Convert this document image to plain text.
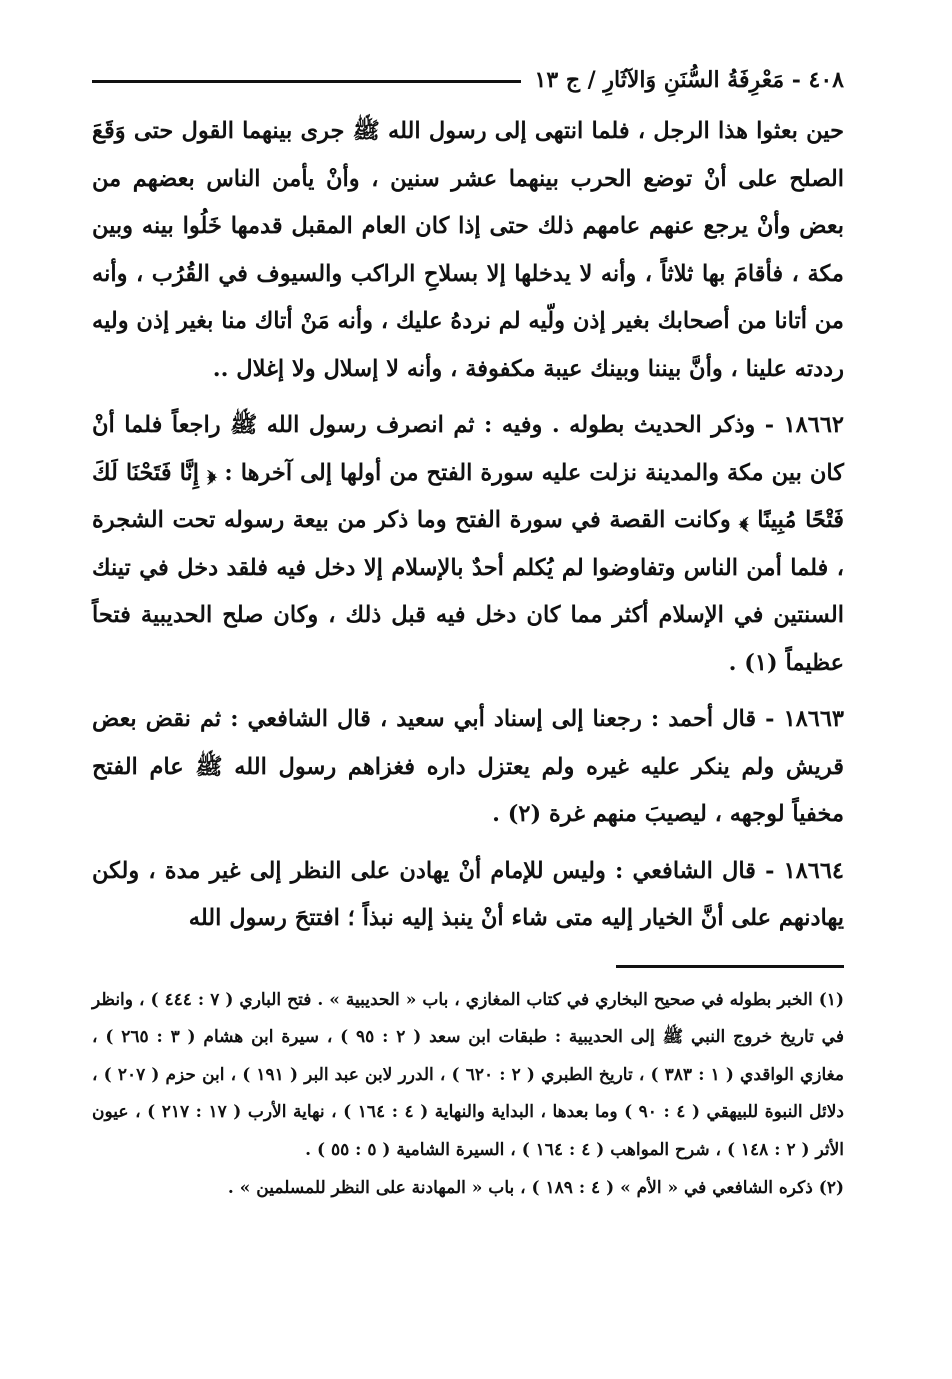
٤٠٨ - مَعْرِفَةُ السُّنَنِ وَالآثَارِ / ج ١٣

حين بعثوا هذا الرجل ، فلما انتهى إلى رسول الله ﷺ جرى بينهما القول حتى وَقَعَ الصلح على أنْ توضع الحرب بينهما عشر سنين ، وأنْ يأمن الناس بعضهم من بعض وأنْ يرجع عنهم عامهم ذلك حتى إذا كان العام المقبل قدمها خَلُوا بينه وبين مكة ، فأقامَ بها ثلاثاً ، وأنه لا يدخلها إلا بسلاحِ الراكب والسيوف في القُرُب ، وأنه من أتانا من أصحابك بغير إذن ولّيه لم نردهُ عليك ، وأنه مَنْ أتاك منا بغير إذن وليه رددته علينا ، وأنَّ بيننا وبينك عيبة مكفوفة ، وأنه لا إسلال ولا إغلال ..

١٨٦٦٢ - وذكر الحديث بطوله . وفيه : ثم انصرف رسول الله ﷺ راجعاً فلما أنْ كان بين مكة والمدينة نزلت عليه سورة الفتح من أولها إلى آخرها : ﴿ إِنَّا فَتَحْنَا لَكَ فَتْحًا مُبِينًا ﴾ وكانت القصة في سورة الفتح وما ذكر من بيعة رسوله تحت الشجرة ، فلما أمن الناس وتفاوضوا لم يُكلم أحدٌ بالإسلام إلا دخل فيه فلقد دخل في تينك السنتين في الإسلام أكثر مما كان دخل فيه قبل ذلك ، وكان صلح الحديبية فتحاً عظيماً (١) .

١٨٦٦٣ - قال أحمد : رجعنا إلى إسناد أبي سعيد ، قال الشافعي : ثم نقض بعض قريش ولم ينكر عليه غيره ولم يعتزل داره فغزاهم رسول الله ﷺ عام الفتح مخفياً لوجهه ، ليصيبَ منهم غرة (٢) .

١٨٦٦٤ - قال الشافعي : وليس للإمام أنْ يهادن على النظر إلى غير مدة ، ولكن يهادنهم على أنَّ الخيار إليه متى شاء أنْ ينبذ إليه نبذاً ؛ افتتحَ رسول الله

(١) الخبر بطوله في صحيح البخاري في كتاب المغازي ، باب « الحديبية » . فتح الباري ( ٧ : ٤٤٤ ) ، وانظر في تاريخ خروج النبي ﷺ إلى الحديبية : طبقات ابن سعد ( ٢ : ٩٥ ) ، سيرة ابن هشام ( ٣ : ٢٦٥ ) ، مغازي الواقدي ( ١ : ٣٨٣ ) ، تاريخ الطبري ( ٢ : ٦٢٠ ) ، الدرر لابن عبد البر ( ١٩١ ) ، ابن حزم ( ٢٠٧ ) ، دلائل النبوة للبيهقي ( ٤ : ٩٠ ) وما بعدها ، البداية والنهاية ( ٤ : ١٦٤ ) ، نهاية الأرب ( ١٧ : ٢١٧ ) ، عيون الأثر ( ٢ : ١٤٨ ) ، شرح المواهب ( ٤ : ١٦٤ ) ، السيرة الشامية ( ٥ : ٥٥ ) .

(٢) ذكره الشافعي في « الأم » ( ٤ : ١٨٩ ) ، باب « المهادنة على النظر للمسلمين » .
